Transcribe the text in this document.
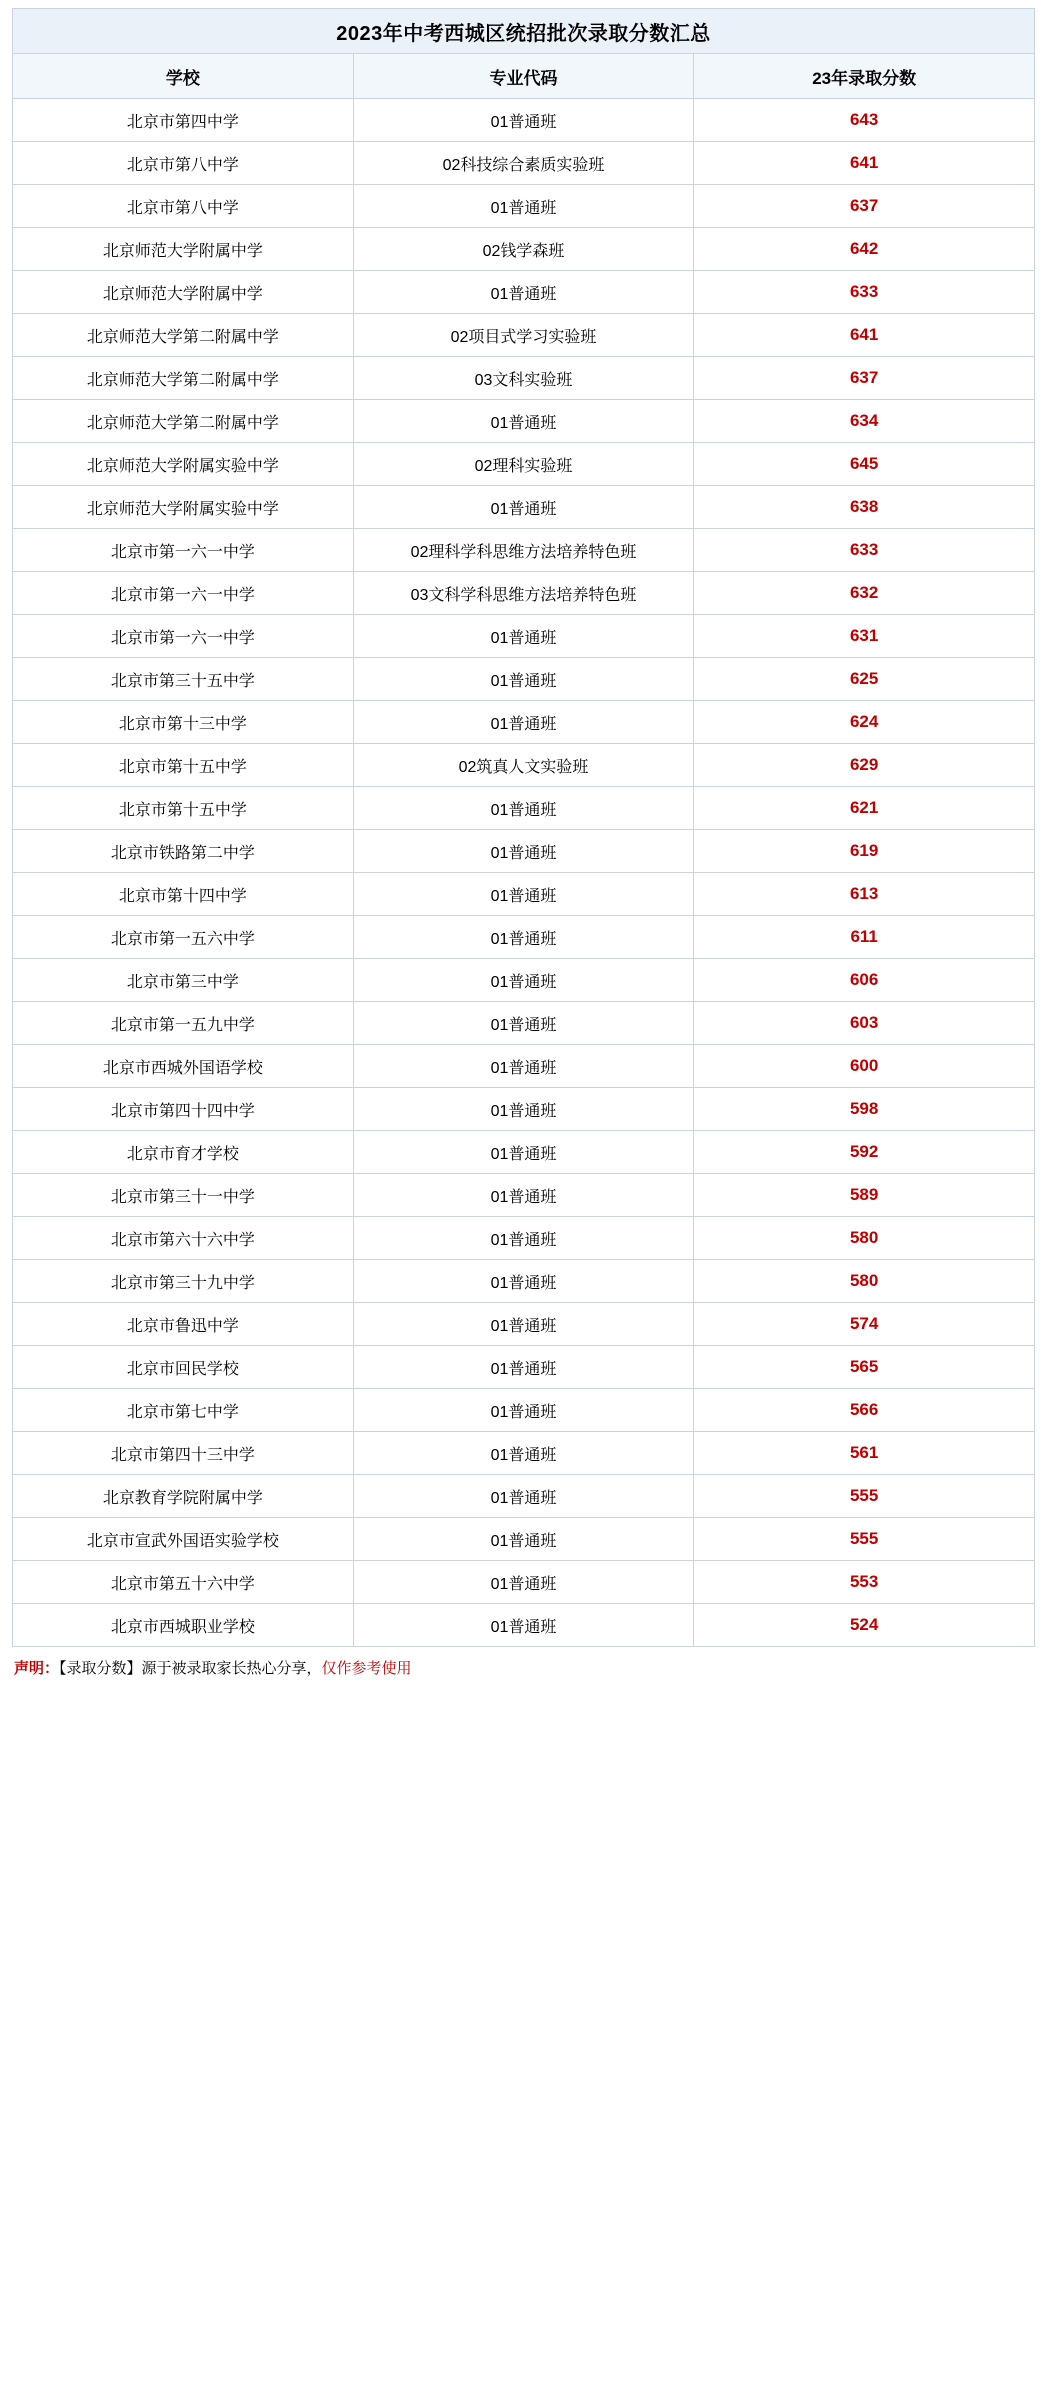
2023年中考西城区统招批次录取分数汇总		
学校	专业代码	23年录取分数
北京市第四中学	01普通班	643
北京市第八中学	02科技综合素质实验班	641
北京市第八中学	01普通班	637
北京师范大学附属中学	02钱学森班	642
北京师范大学附属中学	01普通班	633
北京师范大学第二附属中学	02项目式学习实验班	641
北京师范大学第二附属中学	03文科实验班	637
北京师范大学第二附属中学	01普通班	634
北京师范大学附属实验中学	02理科实验班	645
北京师范大学附属实验中学	01普通班	638
北京市第一六一中学	02理科学科思维方法培养特色班	633
北京市第一六一中学	03文科学科思维方法培养特色班	632
北京市第一六一中学	01普通班	631
北京市第三十五中学	01普通班	625
北京市第十三中学	01普通班	624
北京市第十五中学	02筑真人文实验班	629
北京市第十五中学	01普通班	621
北京市铁路第二中学	01普通班	619
北京市第十四中学	01普通班	613
北京市第一五六中学	01普通班	611
北京市第三中学	01普通班	606
北京市第一五九中学	01普通班	603
北京市西城外国语学校	01普通班	600
北京市第四十四中学	01普通班	598
北京市育才学校	01普通班	592
北京市第三十一中学	01普通班	589
北京市第六十六中学	01普通班	580
北京市第三十九中学	01普通班	580
北京市鲁迅中学	01普通班	574
北京市回民学校	01普通班	565
北京市第七中学	01普通班	566
北京市第四十三中学	01普通班	561
北京教育学院附属中学	01普通班	555
北京市宣武外国语实验学校	01普通班	555
北京市第五十六中学	01普通班	553
北京市西城职业学校	01普通班	524
声明：【录取分数】源于被录取家长热心分享，仅作参考使用
